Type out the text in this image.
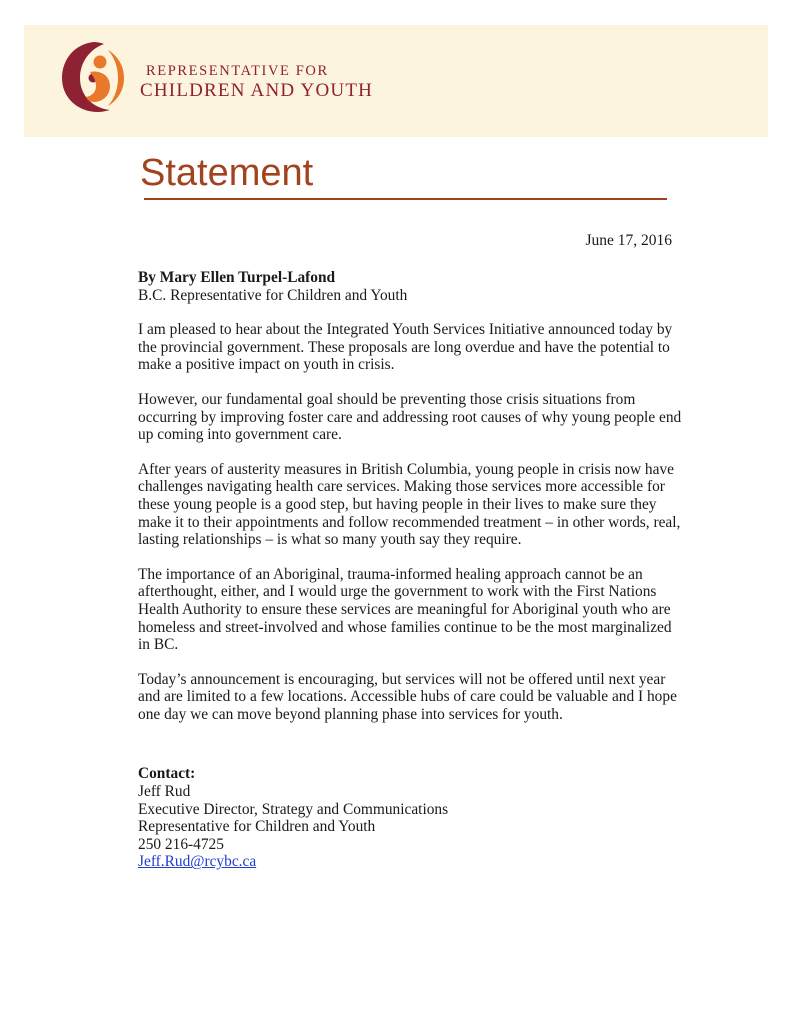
REPRESENTATIVE FOR
CHILDREN AND YOUTH
Statement
June 17, 2016
By Mary Ellen Turpel-Lafond
B.C. Representative for Children and Youth
I am pleased to hear about the Integrated Youth Services Initiative announced today by the provincial government. These proposals are long overdue and have the potential to make a positive impact on youth in crisis.
However, our fundamental goal should be preventing those crisis situations from occurring by improving foster care and addressing root causes of why young people end up coming into government care.
After years of austerity measures in British Columbia, young people in crisis now have challenges navigating health care services. Making those services more accessible for these young people is a good step, but having people in their lives to make sure they make it to their appointments and follow recommended treatment – in other words, real, lasting relationships – is what so many youth say they require.
The importance of an Aboriginal, trauma-informed healing approach cannot be an afterthought, either, and I would urge the government to work with the First Nations Health Authority to ensure these services are meaningful for Aboriginal youth who are homeless and street-involved and whose families continue to be the most marginalized in BC.
Today’s announcement is encouraging, but services will not be offered until next year and are limited to a few locations. Accessible hubs of care could be valuable and I hope one day we can move beyond planning phase into services for youth.
Contact:
Jeff Rud
Executive Director, Strategy and Communications
Representative for Children and Youth
250 216-4725
Jeff.Rud@rcybc.ca
